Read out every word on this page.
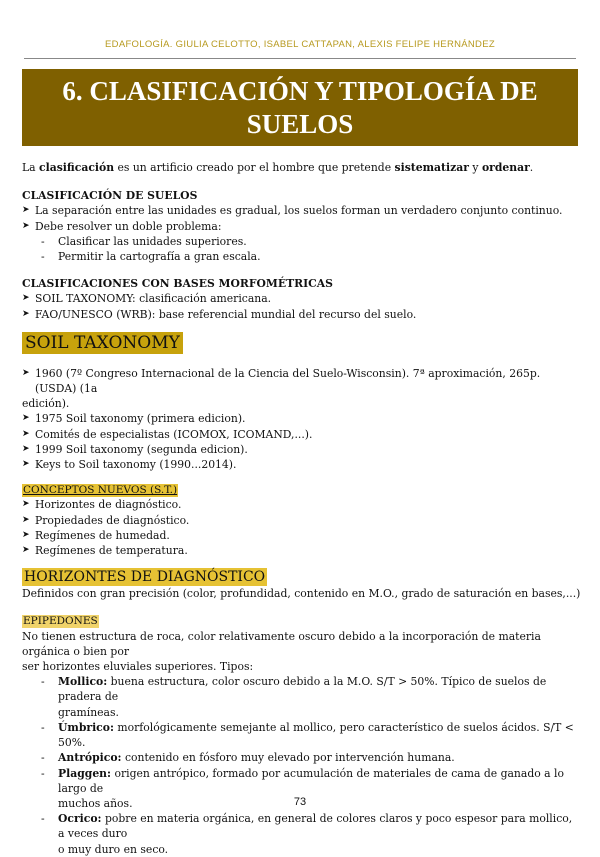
EDAFOLOGÍA. GIULIA CELOTTO, ISABEL CATTAPAN, ALEXIS FELIPE HERNÁNDEZ
6. CLASIFICACIÓN Y TIPOLOGÍA DE
SUELOS

La clasificación es un artificio creado por el hombre que pretende sistematizar y ordenar.

CLASIFICACIÓN DE SUELOS

➤ La separación entre las unidades es gradual, los suelos forman un verdadero conjunto continuo.

➤ Debe resolver un doble problema:

- Clasificar las unidades superiores.

- Permitir la cartografía a gran escala.

CLASIFICACIONES CON BASES MORFOMÉTRICAS

➤ SOIL TAXONOMY: clasificación americana.

➤ FAO/UNESCO (WRB): base referencial mundial del recurso del suelo.

SOIL TAXONOMY

➤ 1960 (7º Congreso Internacional de la Ciencia del Suelo-Wisconsin). 7ª aproximación, 265p. (USDA) (1a
edición).

➤ 1975 Soil taxonomy (primera edicion).

➤ Comités de especialistas (ICOMOX, ICOMAND,...).

➤ 1999 Soil taxonomy (segunda edicion).

➤ Keys to Soil taxonomy (1990...2014).

CONCEPTOS NUEVOS (S.T.)

➤ Horizontes de diagnóstico.

➤ Propiedades de diagnóstico.

➤ Regímenes de humedad.

➤ Regímenes de temperatura.

HORIZONTES DE DIAGNÓSTICO

Definidos con gran precisión (color, profundidad, contenido en M.O., grado de saturación en bases,...)

EPIPEDONES

No tienen estructura de roca, color relativamente oscuro debido a la incorporación de materia orgánica o bien por
ser horizontes eluviales superiores. Tipos:

- Mollico: buena estructura, color oscuro debido a la M.O. S/T > 50%. Típico de suelos de pradera de
gramíneas.

- Úmbrico: morfológicamente semejante al mollico, pero característico de suelos ácidos. S/T < 50%.

- Antrópico: contenido en fósforo muy elevado por intervención humana.

- Plaggen: origen antrópico, formado por acumulación de materiales de cama de ganado a lo largo de
muchos años.

- Ocrico: pobre en materia orgánica, en general de colores claros y poco espesor para mollico, a veces duro
o muy duro en seco.

73
